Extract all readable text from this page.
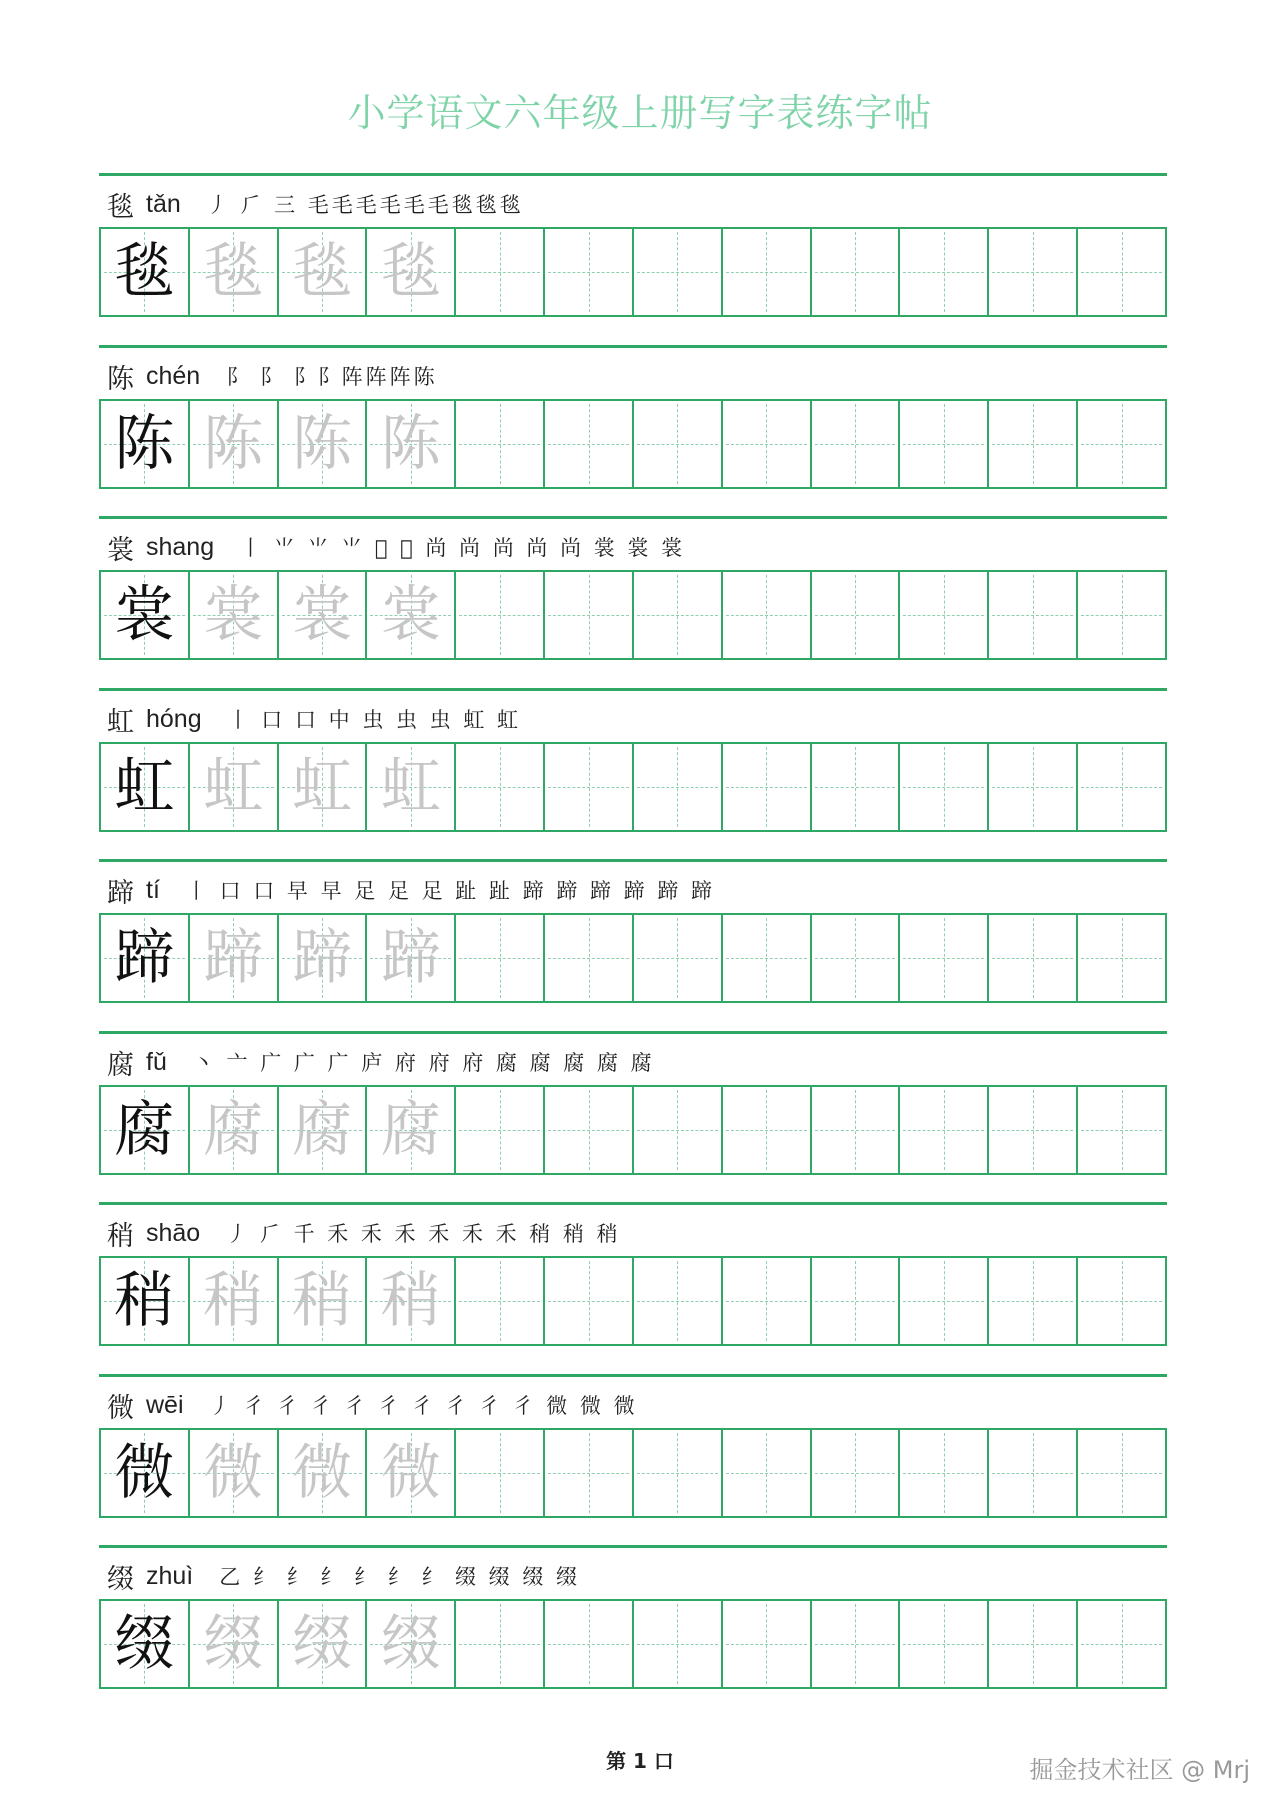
小学语文六年级上册写字表练字帖
毯 tǎn 丿 ⺁ 三 毛毛毛毛毛毛毯毯毯
毯 毯 毯 毯
陈 chén 阝 阝 阝阝阵阵阵陈
陈 陈 陈 陈
裳 shang 丨 ⺌ ⺌ ⺌ 𫞖 𫞖 尚 尚 尚 尚 尚 裳 裳 裳
裳 裳 裳 裳
虹 hóng 丨 口 口 中 虫 虫 虫 虹 虹
虹 虹 虹 虹
蹄 tí 丨 口 口 早 早 足 足 足 趾 趾 蹄 蹄 蹄 蹄 蹄 蹄
蹄 蹄 蹄 蹄
腐 fǔ 丶 亠 广 广 广 庐 府 府 府 腐 腐 腐 腐 腐
腐 腐 腐 腐
稍 shāo 丿 ⺁ 千 禾 禾 禾 禾 禾 禾 稍 稍 稍
稍 稍 稍 稍
微 wēi 丿 彳 彳 彳 彳 彳 彳 彳 彳 彳 微 微 微
微 微 微 微
缀 zhuì 乙 纟 纟 纟 纟 纟 纟 缀 缀 缀 缀
缀 缀 缀 缀
第 1 口	掘金技术社区 @ Mrj
